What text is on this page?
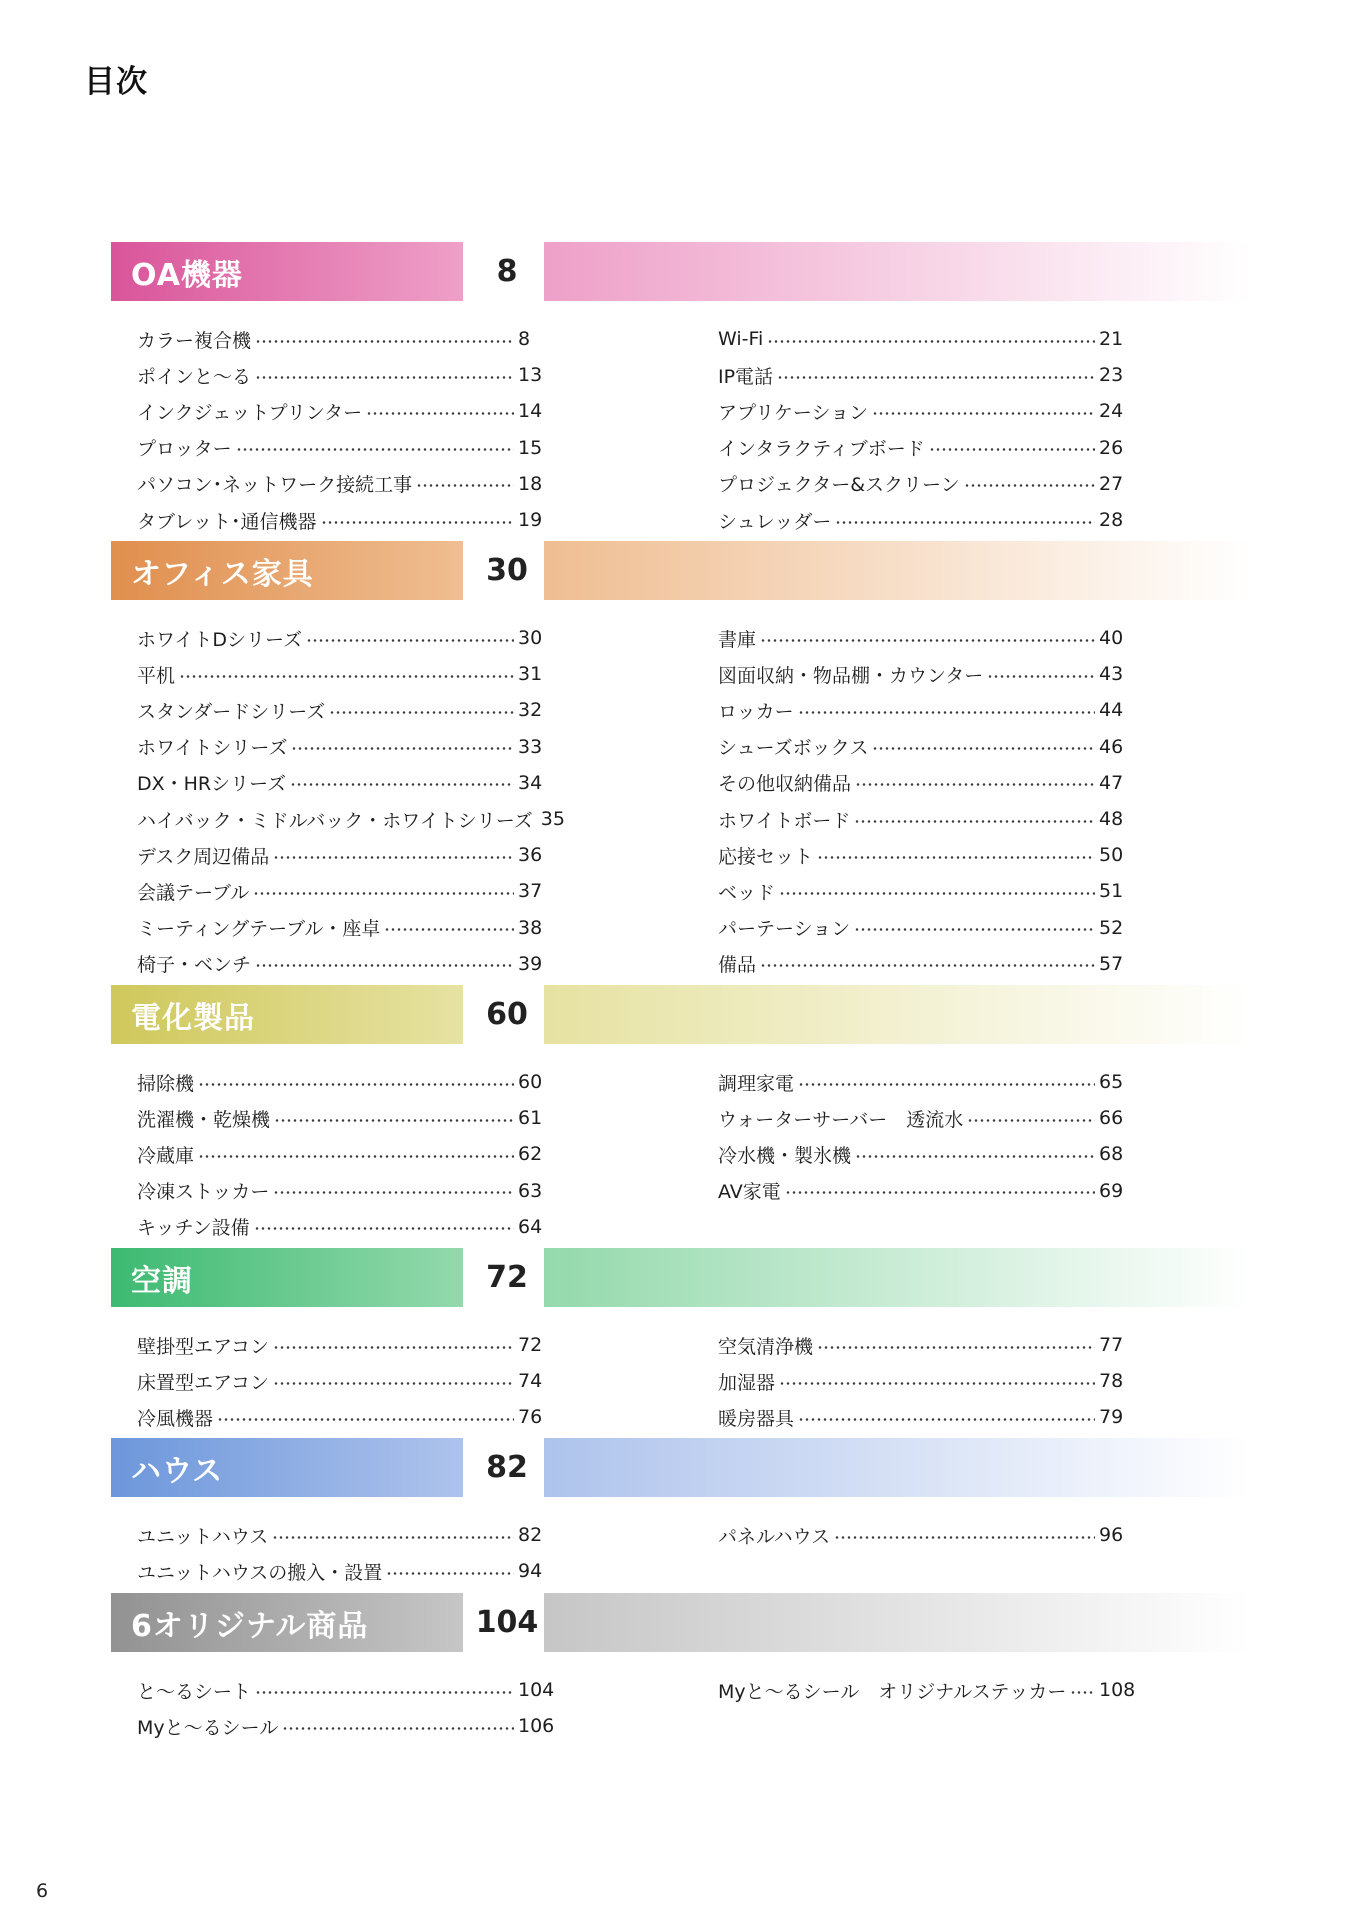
目次
OA機器	8
カラー複合機	8
ポインと〜る	13
インクジェットプリンター	14
プロッター	15
パソコン･ネットワーク接続工事	18
タブレット･通信機器	19
Wi-Fi	21
IP電話	23
アプリケーション	24
インタラクティブボード	26
プロジェクター&スクリーン	27
シュレッダー	28
オフィス家具	30
ホワイトDシリーズ	30
平机	31
スタンダードシリーズ	32
ホワイトシリーズ	33
DX・HRシリーズ	34
ハイバック・ミドルバック・ホワイトシリーズ 35
デスク周辺備品	36
会議テーブル	37
ミーティングテーブル・座卓	38
椅子・ベンチ	39
書庫	40
図面収納・物品棚・カウンター	43
ロッカー	44
シューズボックス	46
その他収納備品	47
ホワイトボード	48
応接セット	50
ベッド	51
パーテーション	52
備品	57
電化製品	60
掃除機	60
洗濯機・乾燥機	61
冷蔵庫	62
冷凍ストッカー	63
キッチン設備	64
調理家電	65
ウォーターサーバー　透流水	66
冷水機・製氷機	68
AV家電	69
空調	72
壁掛型エアコン	72
床置型エアコン	74
冷風機器	76
空気清浄機	77
加湿器	78
暖房器具	79
ハウス	82
ユニットハウス	82
ユニットハウスの搬入・設置	94
パネルハウス	96
6オリジナル商品	104
と〜るシート	104
Myと〜るシール	106
Myと〜るシール　オリジナルステッカー 108
6
